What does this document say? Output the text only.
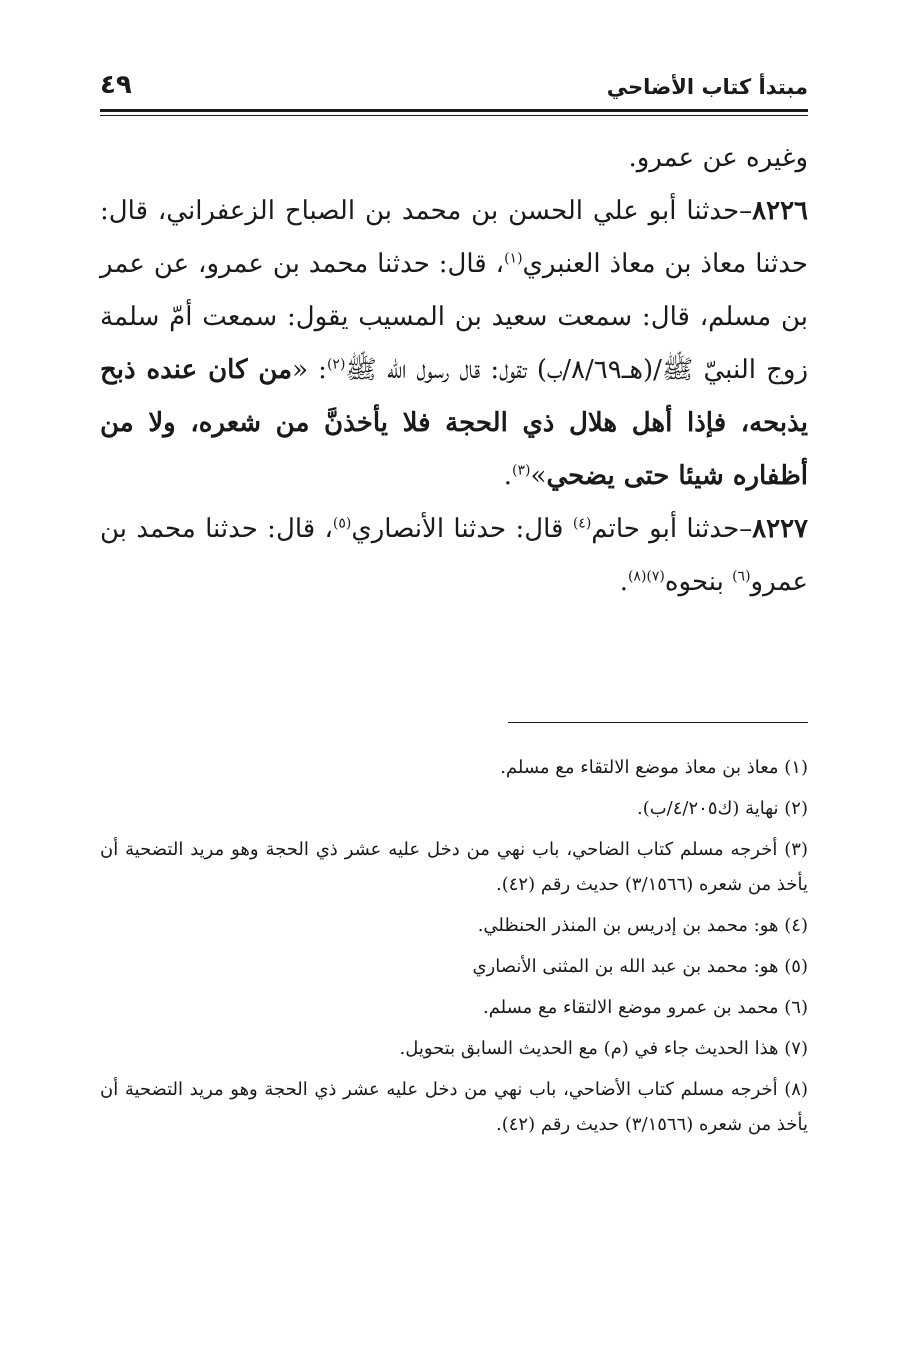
مبتدأ كتاب الأضاحي
٤٩

وغيره عن عمرو.

٨٢٢٦–حدثنا أبو علي الحسن بن محمد بن الصباح الزعفراني، قال: حدثنا معاذ بن معاذ العنبري$^{(١)}$، قال: حدثنا محمد بن عمرو، عن عمر بن مسلم، قال: سمعت سعيد بن المسيب يقول: سمعت أمّ سلمة زوج النبيّ ﷺ/(هـ٨/٦٩/ب) تقول: قال رسول الله ﷺ$^{(٢)}$: «من كان عنده ذبح يذبحه، فإذا أهل هلال ذي الحجة فلا يأخذنَّ من شعره، ولا من أظفاره شيئا حتى يضحي»$^{(٣)}$.

٨٢٢٧–حدثنا أبو حاتم$^{(٤)}$ قال: حدثنا الأنصاري$^{(٥)}$، قال: حدثنا محمد بن عمرو$^{(٦)}$ بنحوه$^{(٧)(٨)}$.

(١) معاذ بن معاذ موضع الالتقاء مع مسلم.

(٢) نهاية (ك٤/٢٠٥/ب).

(٣) أخرجه مسلم كتاب الضاحي، باب نهي من دخل عليه عشر ذي الحجة وهو مريد التضحية أن يأخذ من شعره (٣/١٥٦٦) حديث رقم (٤٢).

(٤) هو: محمد بن إدريس بن المنذر الحنظلي.

(٥) هو: محمد بن عبد الله بن المثنى الأنصاري

(٦) محمد بن عمرو موضع الالتقاء مع مسلم.

(٧) هذا الحديث جاء في (م) مع الحديث السابق بتحويل.

(٨) أخرجه مسلم كتاب الأضاحي، باب نهي من دخل عليه عشر ذي الحجة وهو مريد التضحية أن يأخذ من شعره (٣/١٥٦٦) حديث رقم (٤٢).
